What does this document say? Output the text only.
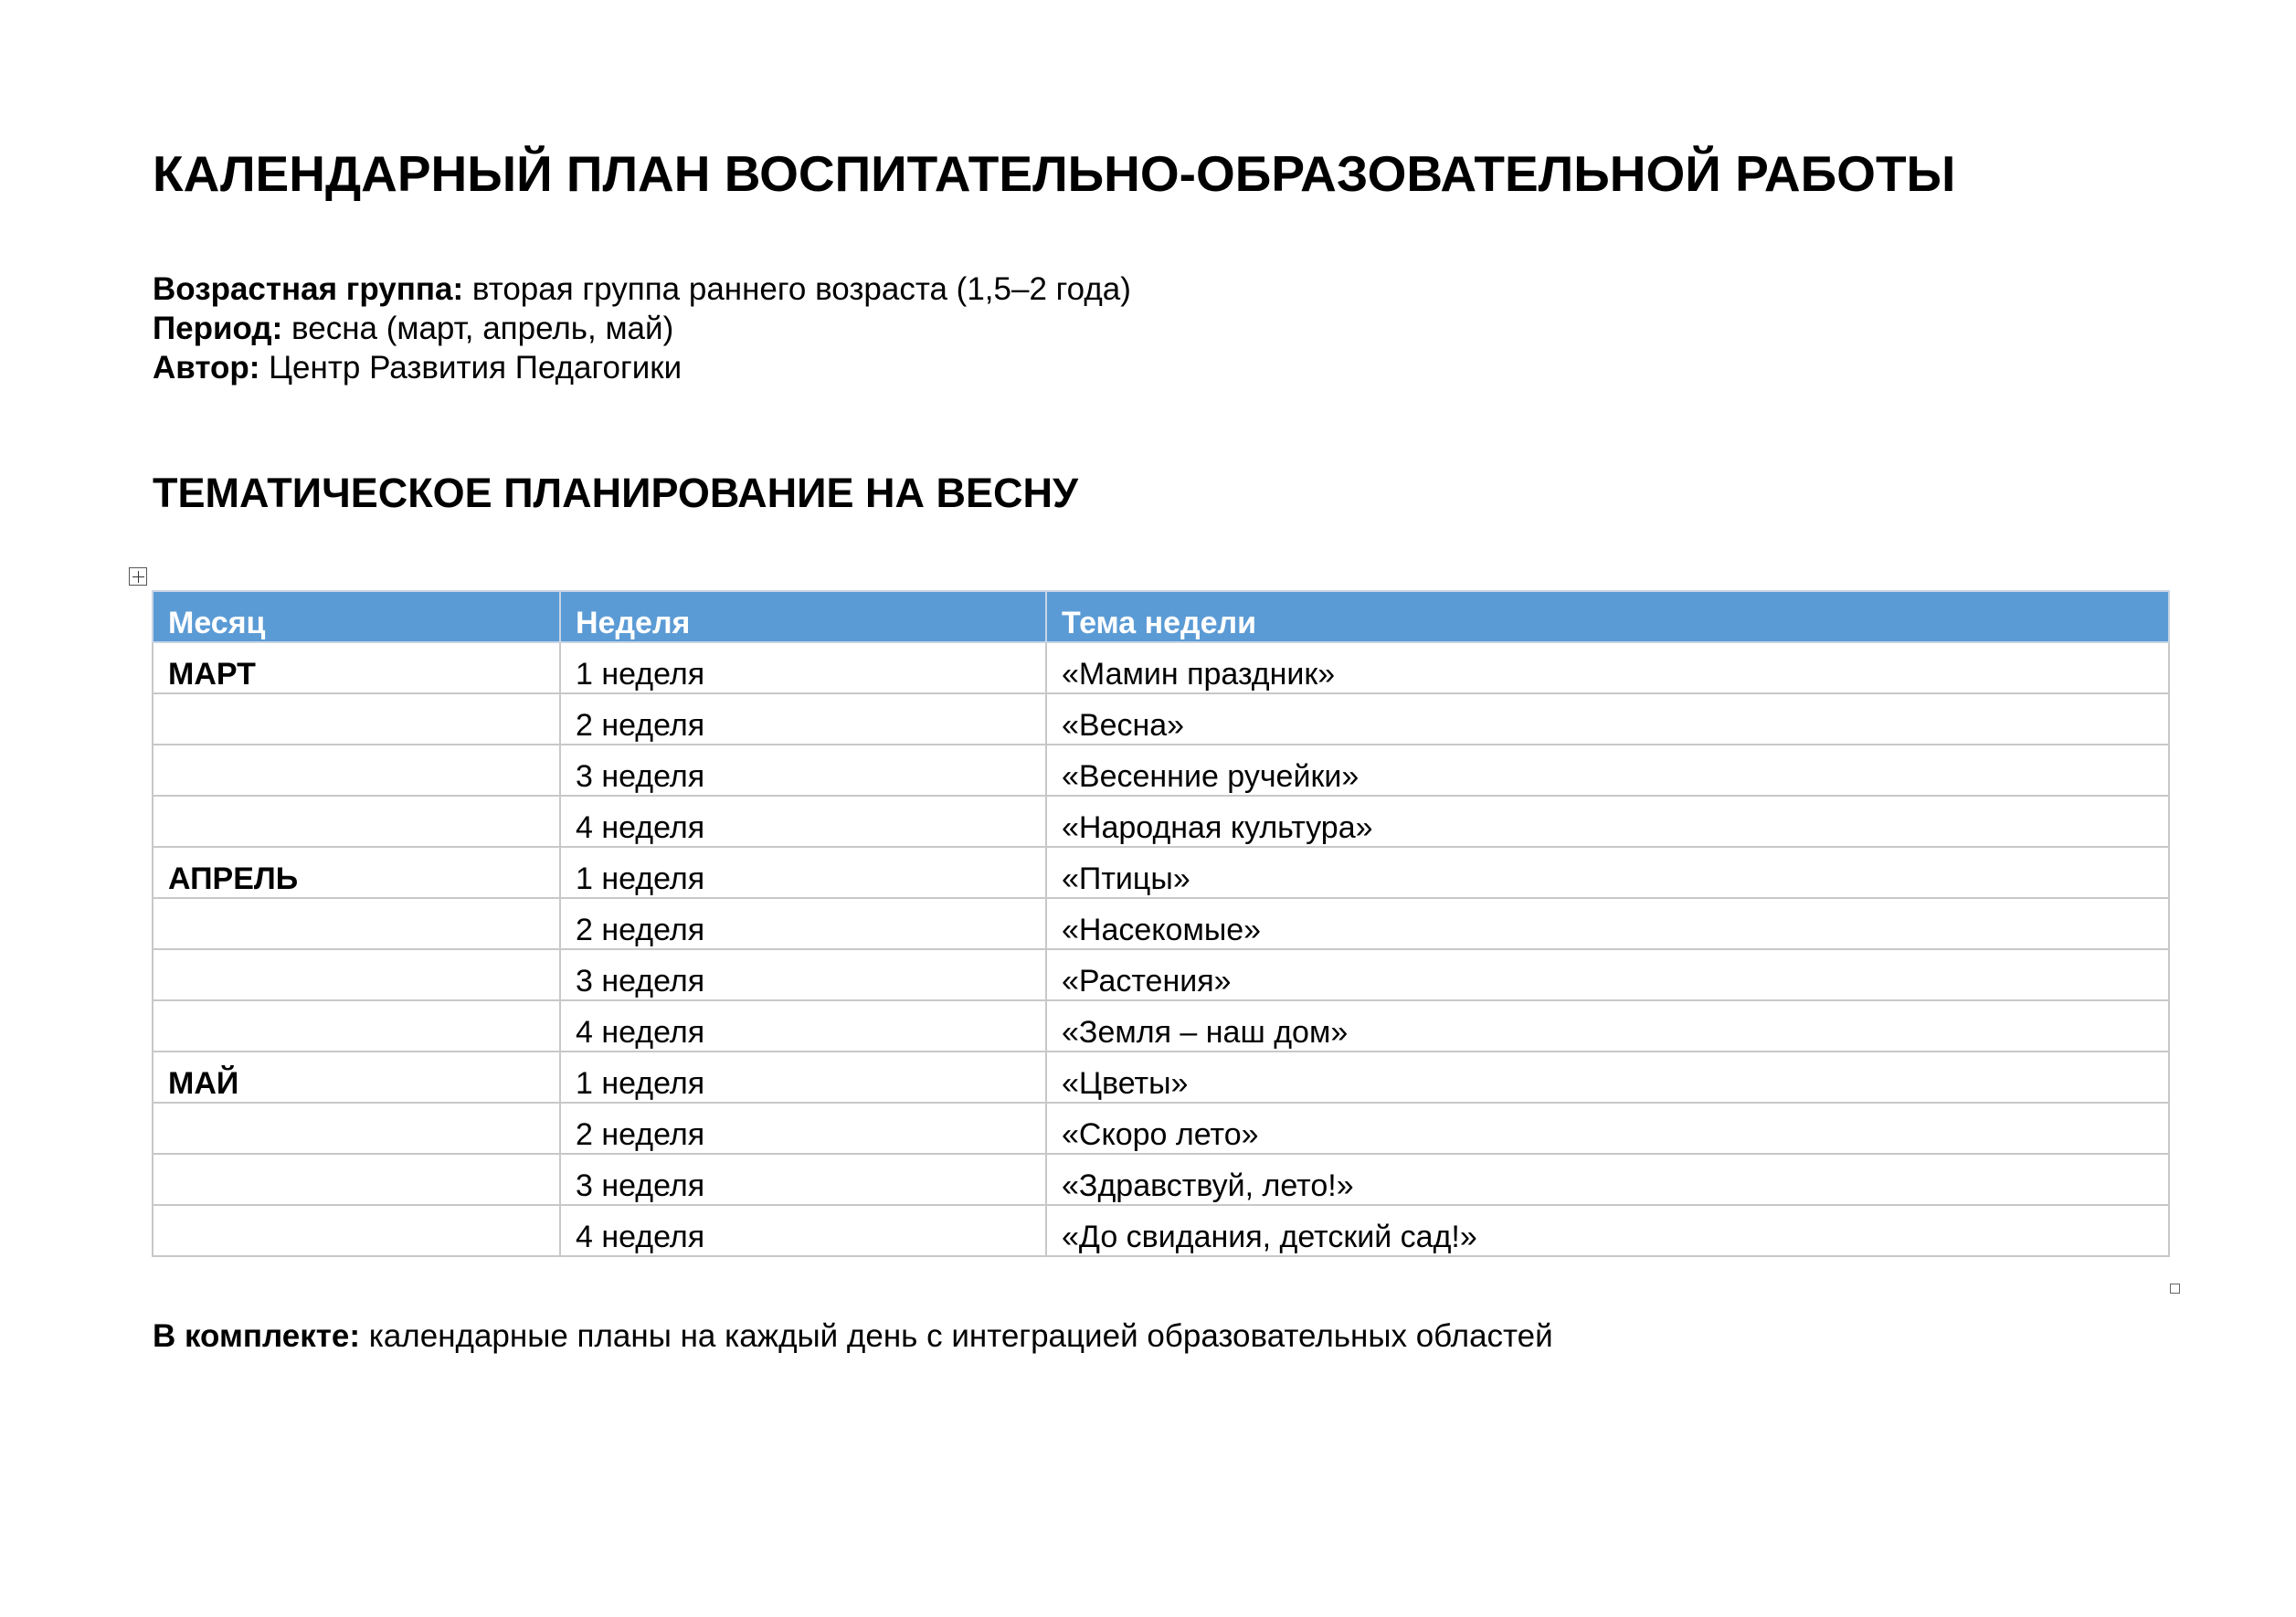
КАЛЕНДАРНЫЙ ПЛАН ВОСПИТАТЕЛЬНО-ОБРАЗОВАТЕЛЬНОЙ РАБОТЫ
Возрастная группа: вторая группа раннего возраста (1,5–2 года)
Период: весна (март, апрель, май)
Автор: Центр Развития Педагогики
ТЕМАТИЧЕСКОЕ ПЛАНИРОВАНИЕ НА ВЕСНУ
Месяц	Неделя	Тема недели
МАРТ	1 неделя	«Мамин праздник»
	2 неделя	«Весна»
	3 неделя	«Весенние ручейки»
	4 неделя	«Народная культура»
АПРЕЛЬ	1 неделя	«Птицы»
	2 неделя	«Насекомые»
	3 неделя	«Растения»
	4 неделя	«Земля – наш дом»
МАЙ	1 неделя	«Цветы»
	2 неделя	«Скоро лето»
	3 неделя	«Здравствуй, лето!»
	4 неделя	«До свидания, детский сад!»
В комплекте: календарные планы на каждый день с интеграцией образовательных областей
